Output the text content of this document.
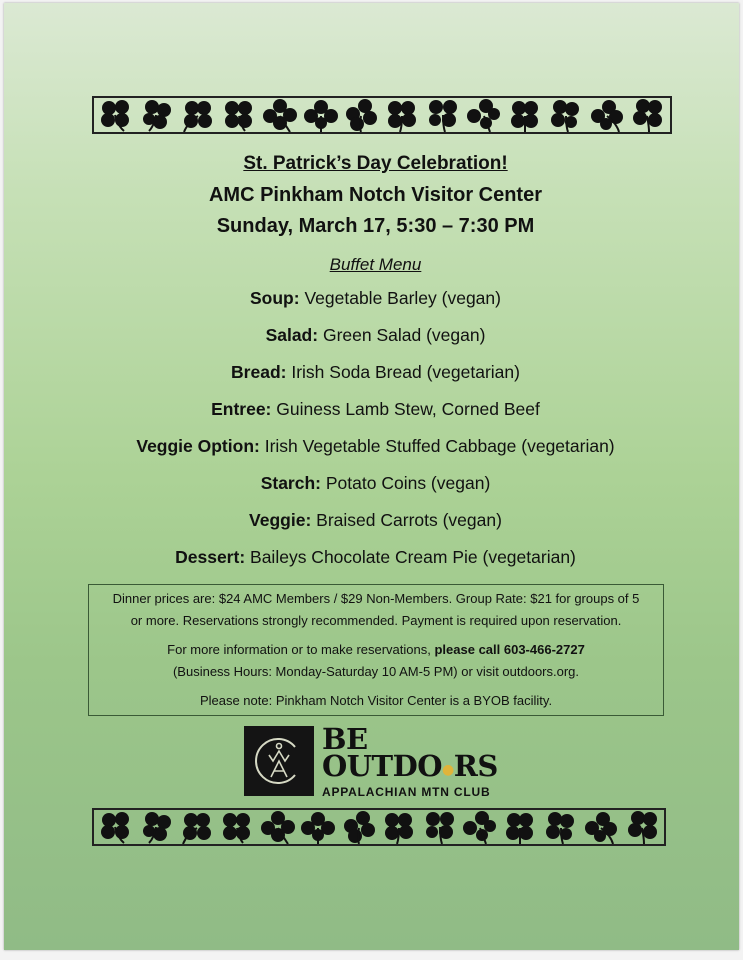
St. Patrick’s Day Celebration!
AMC Pinkham Notch Visitor Center
Sunday, March 17, 5:30 – 7:30 PM
Buffet Menu
Soup: Vegetable Barley (vegan)
Salad: Green Salad (vegan)
Bread: Irish Soda Bread (vegetarian)
Entree: Guiness Lamb Stew, Corned Beef
Veggie Option: Irish Vegetable Stuffed Cabbage (vegetarian)
Starch: Potato Coins (vegan)
Veggie: Braised Carrots (vegan)
Dessert: Baileys Chocolate Cream Pie (vegetarian)

Dinner prices are: $24 AMC Members / $29 Non-Members. Group Rate: $21 for groups of 5

or more. Reservations strongly recommended. Payment is required upon reservation.

For more information or to make reservations, please call 603-466-2727

(Business Hours: Monday-Saturday 10 AM-5 PM) or visit outdoors.org.

Please note: Pinkham Notch Visitor Center is a BYOB facility.

BE
OUTDO●RS
APPALACHIAN MTN CLUB
